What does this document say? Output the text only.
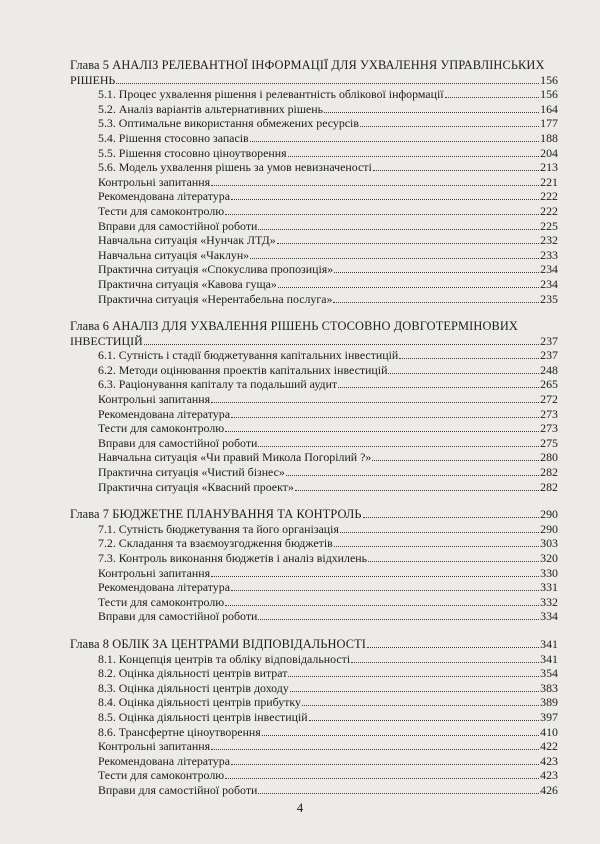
Глава 5 АНАЛІЗ РЕЛЕВАНТНОЇ ІНФОРМАЦІЇ ДЛЯ УХВАЛЕННЯ УПРАВЛІНСЬКИХ
РІШЕНЬ	156
5.1. Процес ухвалення рішення і релевантність облікової інформації	156
5.2. Аналіз варіантів альтернативних рішень	164
5.3. Оптимальне використання обмежених ресурсів	177
5.4. Рішення стосовно запасів	188
5.5. Рішення стосовно ціноутворення	204
5.6. Модель ухвалення рішень за умов невизначеності	213
Контрольні запитання	221
Рекомендована література	222
Тести для самоконтролю	222
Вправи для самостійної роботи	225
Навчальна ситуація «Нунчак ЛТД»	232
Навчальна ситуація «Чаклун»	233
Практична ситуація «Спокуслива пропозиція»	234
Практична ситуація «Кавова гуща»	234
Практична ситуація «Нерентабельна послуга»	235
Глава 6 АНАЛІЗ ДЛЯ УХВАЛЕННЯ РІШЕНЬ СТОСОВНО ДОВГОТЕРМІНОВИХ
ІНВЕСТИЦІЙ	237
6.1. Сутність і стадії бюджетування капітальних інвестицій	237
6.2. Методи оцінювання проектів капітальних інвестицій	248
6.3. Раціонування капіталу та подальший аудит	265
Контрольні запитання	272
Рекомендована література	273
Тести для самоконтролю	273
Вправи для самостійної роботи	275
Навчальна ситуація «Чи правий Микола Погорілий ?»	280
Практична ситуація «Чистий бізнес»	282
Практична ситуація «Квасний проект»	282
Глава 7 БЮДЖЕТНЕ ПЛАНУВАННЯ ТА КОНТРОЛЬ	290
7.1. Сутність бюджетування та його організація	290
7.2. Складання та взаємоузгодження бюджетів	303
7.3. Контроль виконання бюджетів і аналіз відхилень	320
Контрольні запитання	330
Рекомендована література	331
Тести для самоконтролю	332
Вправи для самостійної роботи	334
Глава 8 ОБЛІК ЗА ЦЕНТРАМИ ВІДПОВІДАЛЬНОСТІ	341
8.1. Концепція центрів та обліку відповідальності	341
8.2. Оцінка діяльності центрів витрат	354
8.3. Оцінка діяльності центрів доходу	383
8.4. Оцінка діяльності центрів прибутку	389
8.5. Оцінка діяльності центрів інвестицій	397
8.6. Трансфертне ціноутворення	410
Контрольні запитання	422
Рекомендована література	423
Тести для самоконтролю	423
Вправи для самостійної роботи	426
4
